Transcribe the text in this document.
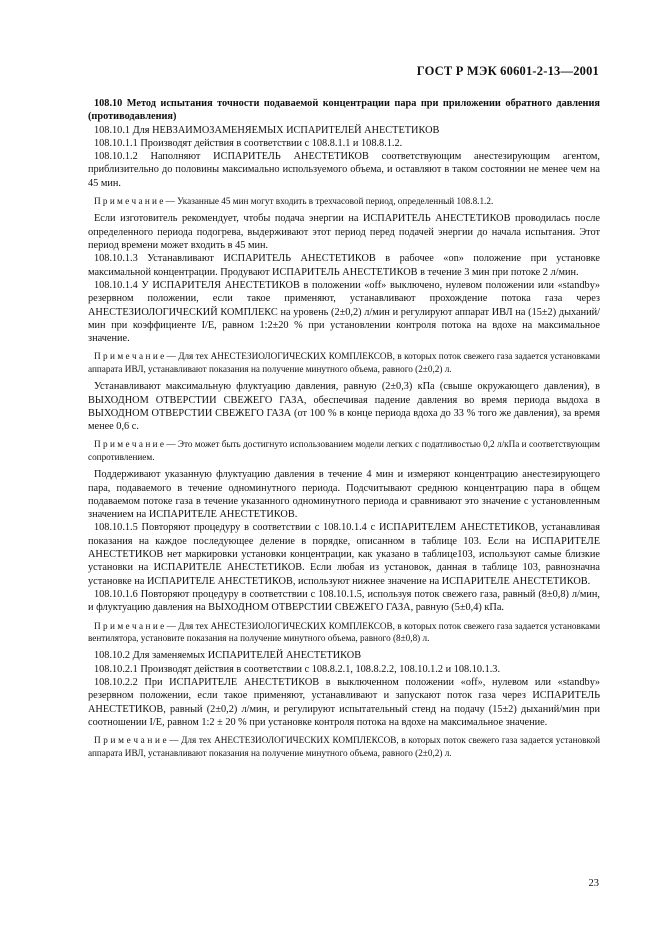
ГОСТ Р МЭК 60601-2-13—2001

108.10 Метод испытания точности подаваемой концентрации пара при приложении обратного давления (противодавления)

108.10.1 Для НЕВЗАИМОЗАМЕНЯЕМЫХ ИСПАРИТЕЛЕЙ АНЕСТЕТИКОВ

108.10.1.1 Производят действия в соответствии с 108.8.1.1 и 108.8.1.2.

108.10.1.2 Наполняют ИСПАРИТЕЛЬ АНЕСТЕТИКОВ соответствующим анестезирующим агентом, приблизительно до половины максимально используемого объема, и оставляют в таком состоянии не менее чем на 45 мин.

П р и м е ч а н и е — Указанные 45 мин могут входить в трехчасовой период, определенный 108.8.1.2.

Если изготовитель рекомендует, чтобы подача энергии на ИСПАРИТЕЛЬ АНЕСТЕТИКОВ проводилась после определенного периода подогрева, выдерживают этот период перед подачей энергии до начала испытания. Этот период времени может входить в 45 мин.

108.10.1.3 Устанавливают ИСПАРИТЕЛЬ АНЕСТЕТИКОВ в рабочее «on» положение при установке максимальной концентрации. Продувают ИСПАРИТЕЛЬ АНЕСТЕТИКОВ в течение 3 мин при потоке 2 л/мин.

108.10.1.4 У ИСПАРИТЕЛЯ АНЕСТЕТИКОВ в положении «off» выключено, нулевом положении или «standby» резервном положении, если такое применяют, устанавливают прохождение потока газа через АНЕСТЕЗИОЛОГИЧЕСКИЙ КОМПЛЕКС на уровень (2±0,2) л/мин и регулируют аппарат ИВЛ на (15±2) дыханий/мин при коэффициенте I/E, равном 1:2±20 % при установлении контроля потока на вдохе на максимальное значение.

П р и м е ч а н и е — Для тех АНЕСТЕЗИОЛОГИЧЕСКИХ КОМПЛЕКСОВ, в которых поток свежего газа задается установками аппарата ИВЛ, устанавливают показания на получение минутного объема, равного (2±0,2) л.

Устанавливают максимальную флуктуацию давления, равную (2±0,3) кПа (свыше окружающего давления), в ВЫХОДНОМ ОТВЕРСТИИ СВЕЖЕГО ГАЗА, обеспечивая падение давления во время периода выдоха в ВЫХОДНОМ ОТВЕРСТИИ СВЕЖЕГО ГАЗА (от 100 % в конце периода вдоха до 33 % того же давления), за время менее 0,6 с.

П р и м е ч а н и е — Это может быть достигнуто использованием модели легких с податливостью 0,2 л/кПа и соответствующим сопротивлением.

Поддерживают указанную флуктуацию давления в течение 4 мин и измеряют концентрацию анестезирующего пара, подаваемого в течение одноминутного периода. Подсчитывают среднюю концентрацию пара в общем подаваемом потоке газа в течение указанного одноминутного периода и сравнивают это значение с установленным значением на ИСПАРИТЕЛЕ АНЕСТЕТИКОВ.

108.10.1.5 Повторяют процедуру в соответствии с 108.10.1.4 с ИСПАРИТЕЛЕМ АНЕСТЕТИКОВ, устанавливая показания на каждое последующее деление в порядке, описанном в таблице 103. Если на ИСПАРИТЕЛЕ АНЕСТЕТИКОВ нет маркировки установки концентрации, как указано в таблице103, используют самые близкие установки на ИСПАРИТЕЛЕ АНЕСТЕТИКОВ. Если любая из установок, данная в таблице 103, равнозначна установке на ИСПАРИТЕЛЕ АНЕСТЕТИКОВ, используют нижнее значение на ИСПАРИТЕЛЕ АНЕСТЕТИКОВ.

108.10.1.6 Повторяют процедуру в соответствии с 108.10.1.5, используя поток свежего газа, равный (8±0,8) л/мин, и флуктуацию давления на ВЫХОДНОМ ОТВЕРСТИИ СВЕЖЕГО ГАЗА, равную (5±0,4) кПа.

П р и м е ч а н и е — Для тех АНЕСТЕЗИОЛОГИЧЕСКИХ КОМПЛЕКСОВ, в которых поток свежего газа задается установками вентилятора, установите показания на получение минутного объема, равного (8±0,8) л.

108.10.2 Для заменяемых ИСПАРИТЕЛЕЙ АНЕСТЕТИКОВ

108.10.2.1 Производят действия в соответствии с 108.8.2.1, 108.8.2.2, 108.10.1.2 и 108.10.1.3.

108.10.2.2 При ИСПАРИТЕЛЕ АНЕСТЕТИКОВ в выключенном положении «off», нулевом или «standby» резервном положении, если такое применяют, устанавливают и запускают поток газа через ИСПАРИТЕЛЬ АНЕСТЕТИКОВ, равный (2±0,2) л/мин, и регулируют испытательный стенд на подачу (15±2) дыханий/мин при соотношении I/E, равном 1:2 ± 20 % при установке контроля потока на вдохе на максимальное значение.

П р и м е ч а н и е — Для тех АНЕСТЕЗИОЛОГИЧЕСКИХ КОМПЛЕКСОВ, в которых поток свежего газа задается установкой аппарата ИВЛ, устанавливают показания на получение минутного объема, равного (2±0,2) л.

23
